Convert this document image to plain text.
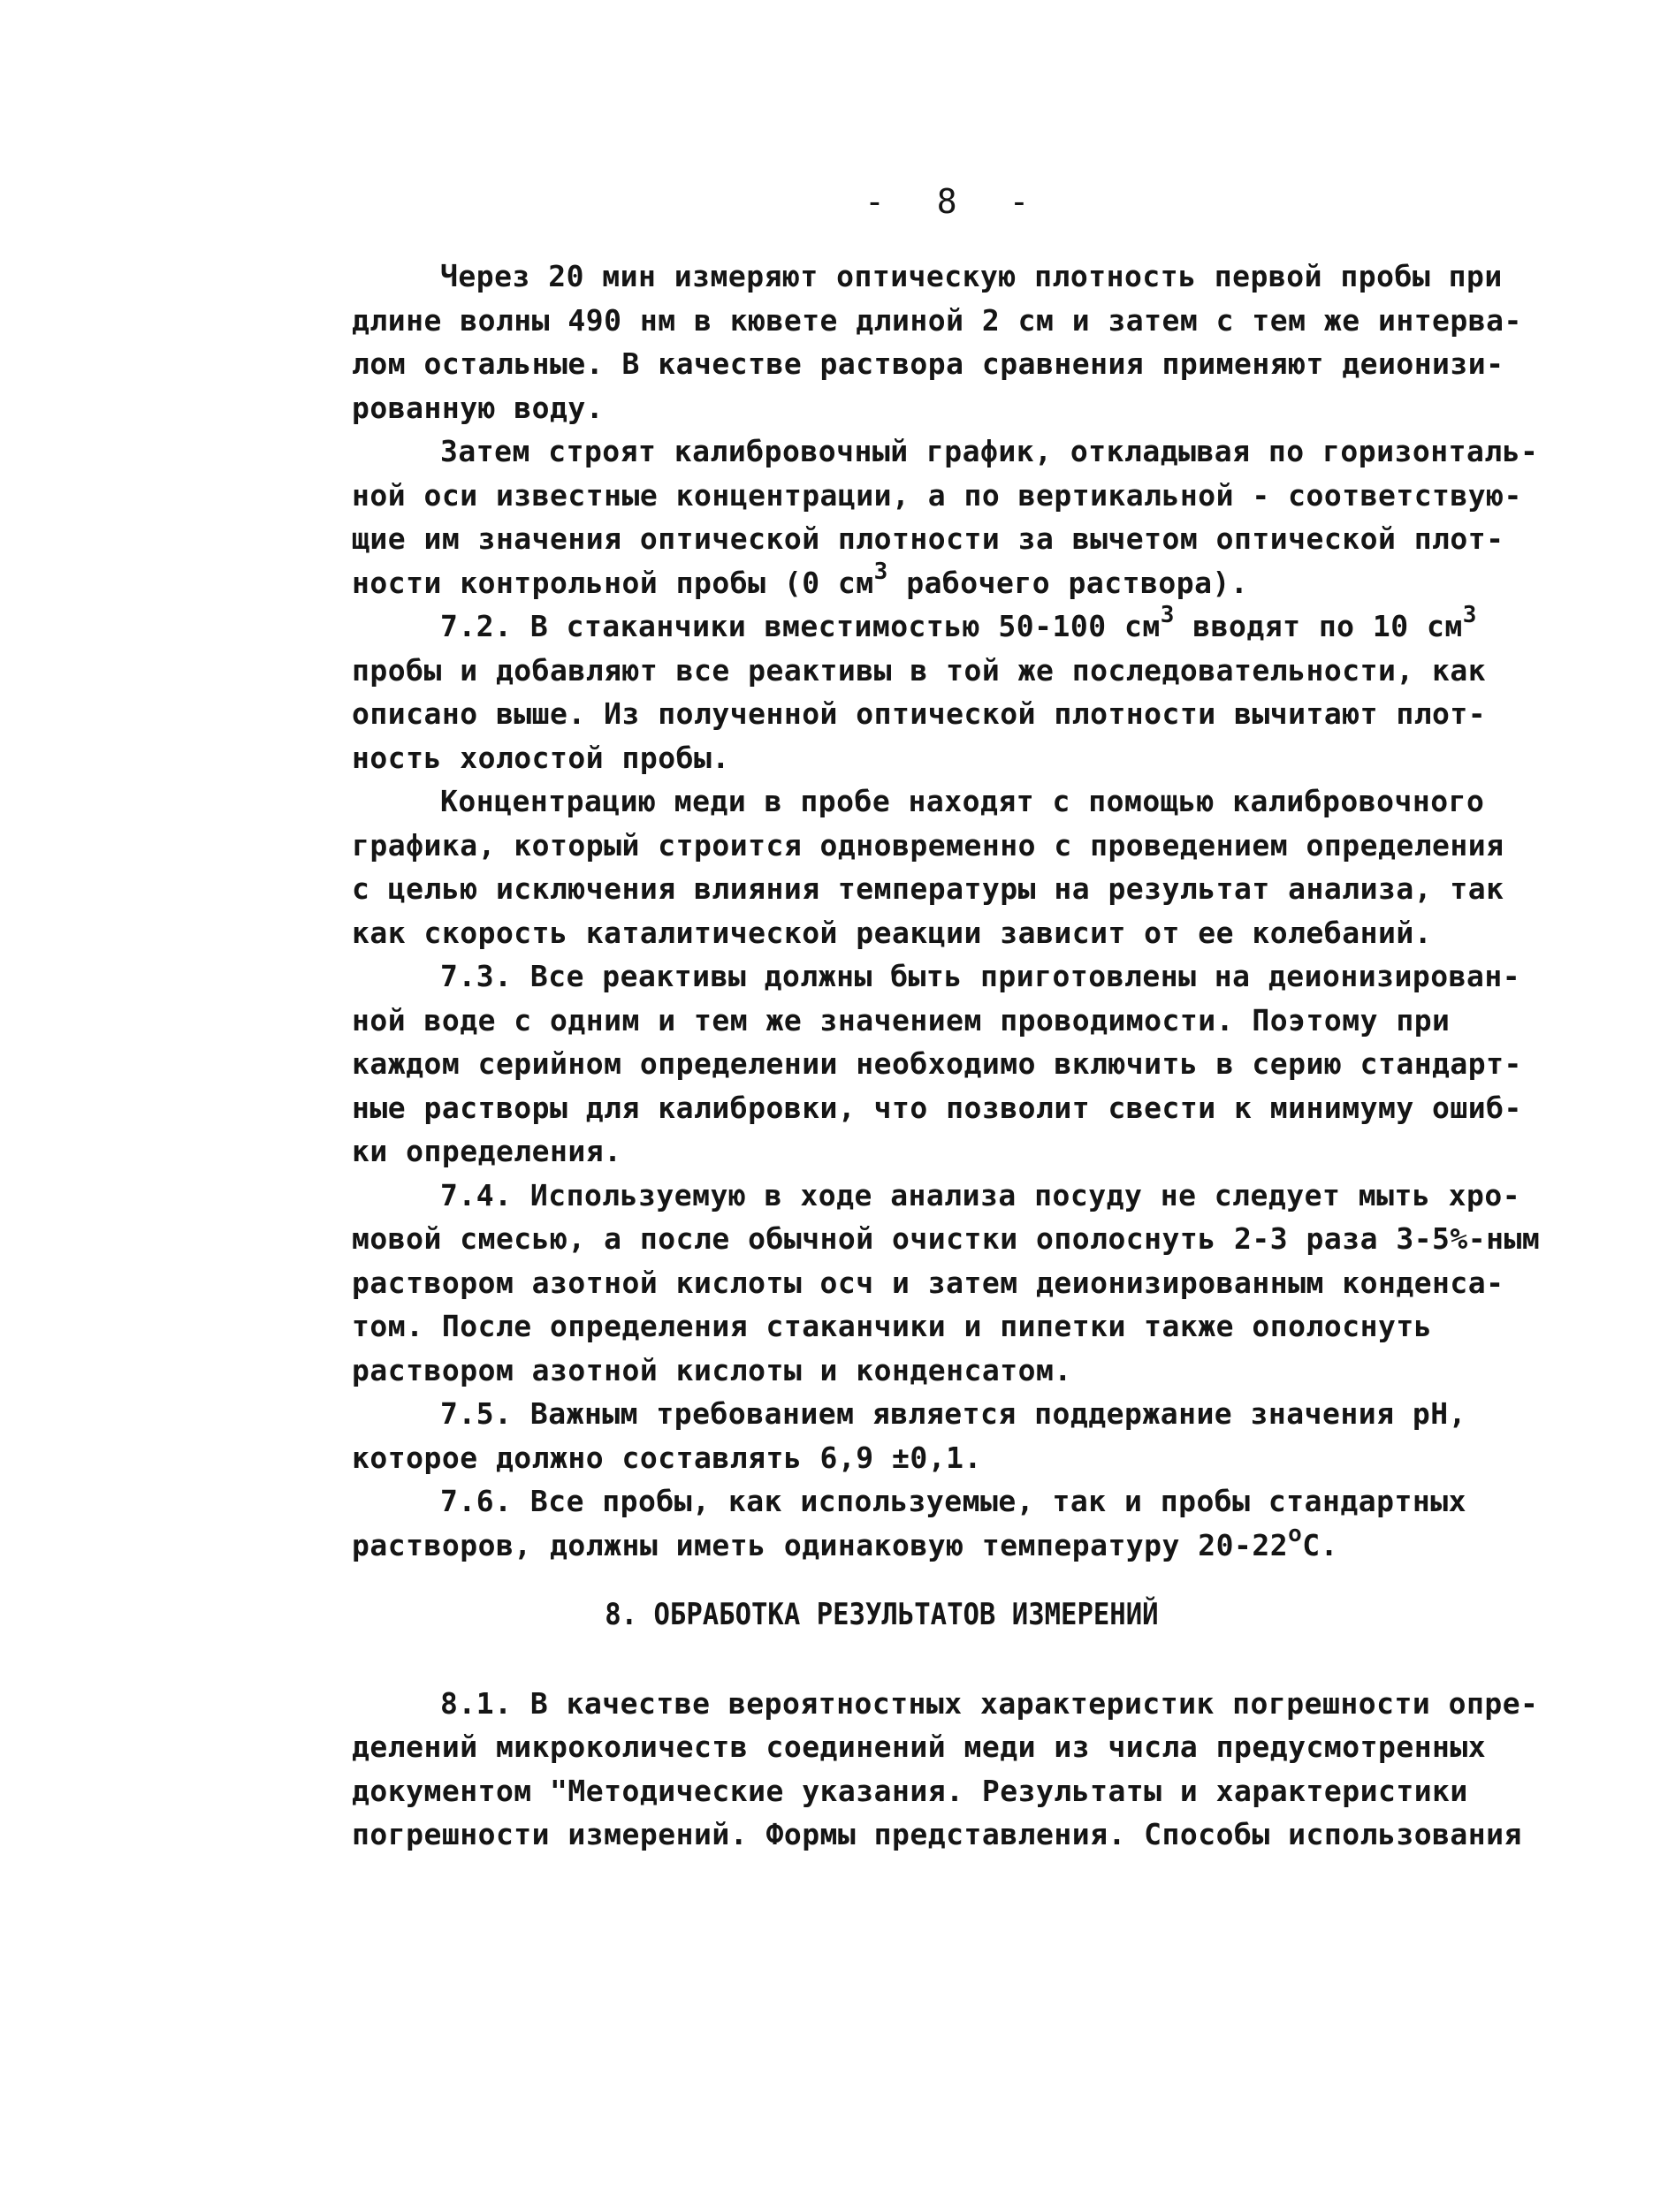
- 8 -
Через 20 мин измеряют оптическую плотность первой пробы при
длине волны 490 нм в кювете длиной 2 см и затем с тем же интерва-
лом остальные. В качестве раствора сравнения применяют деионизи-
рованную воду.
Затем строят калибровочный график, откладывая по горизонталь-
ной оси известные концентрации, а по вертикальной - соответствую-
щие им значения оптической плотности за вычетом оптической плот-
ности контрольной пробы (0 $см^3$ рабочего раствора).
7.2. В стаканчики вместимостью 50-100 $см^3$ вводят по 10 $см^3$
пробы и добавляют все реактивы в той же последовательности, как
описано выше. Из полученной оптической плотности вычитают плот-
ность холостой пробы.
Концентрацию меди в пробе находят с помощью калибровочного
графика, который строится одновременно с проведением определения
с целью исключения влияния температуры на результат анализа, так
как скорость каталитической реакции зависит от ее колебаний.
7.3. Все реактивы должны быть приготовлены на деионизирован-
ной воде с одним и тем же значением проводимости. Поэтому при
каждом серийном определении необходимо включить в серию стандарт-
ные растворы для калибровки, что позволит свести к минимуму ошиб-
ки определения.
7.4. Используемую в ходе анализа посуду не следует мыть хро-
мовой смесью, а после обычной очистки ополоснуть 2-3 раза 3-5%-ным
раствором азотной кислоты осч и затем деионизированным конденса-
том. После определения стаканчики и пипетки также ополоснуть
раствором азотной кислоты и конденсатом.
7.5. Важным требованием является поддержание значения pH,
которое должно составлять 6,9 ±0,1.
7.6. Все пробы, как используемые, так и пробы стандартных
растворов, должны иметь одинаковую температуру $20-22^оС$.
8. ОБРАБОТКА РЕЗУЛЬТАТОВ ИЗМЕРЕНИЙ
8.1. В качестве вероятностных характеристик погрешности опре-
делений микроколичеств соединений меди из числа предусмотренных
документом "Методические указания. Результаты и характеристики
погрешности измерений. Формы представления. Способы использования
